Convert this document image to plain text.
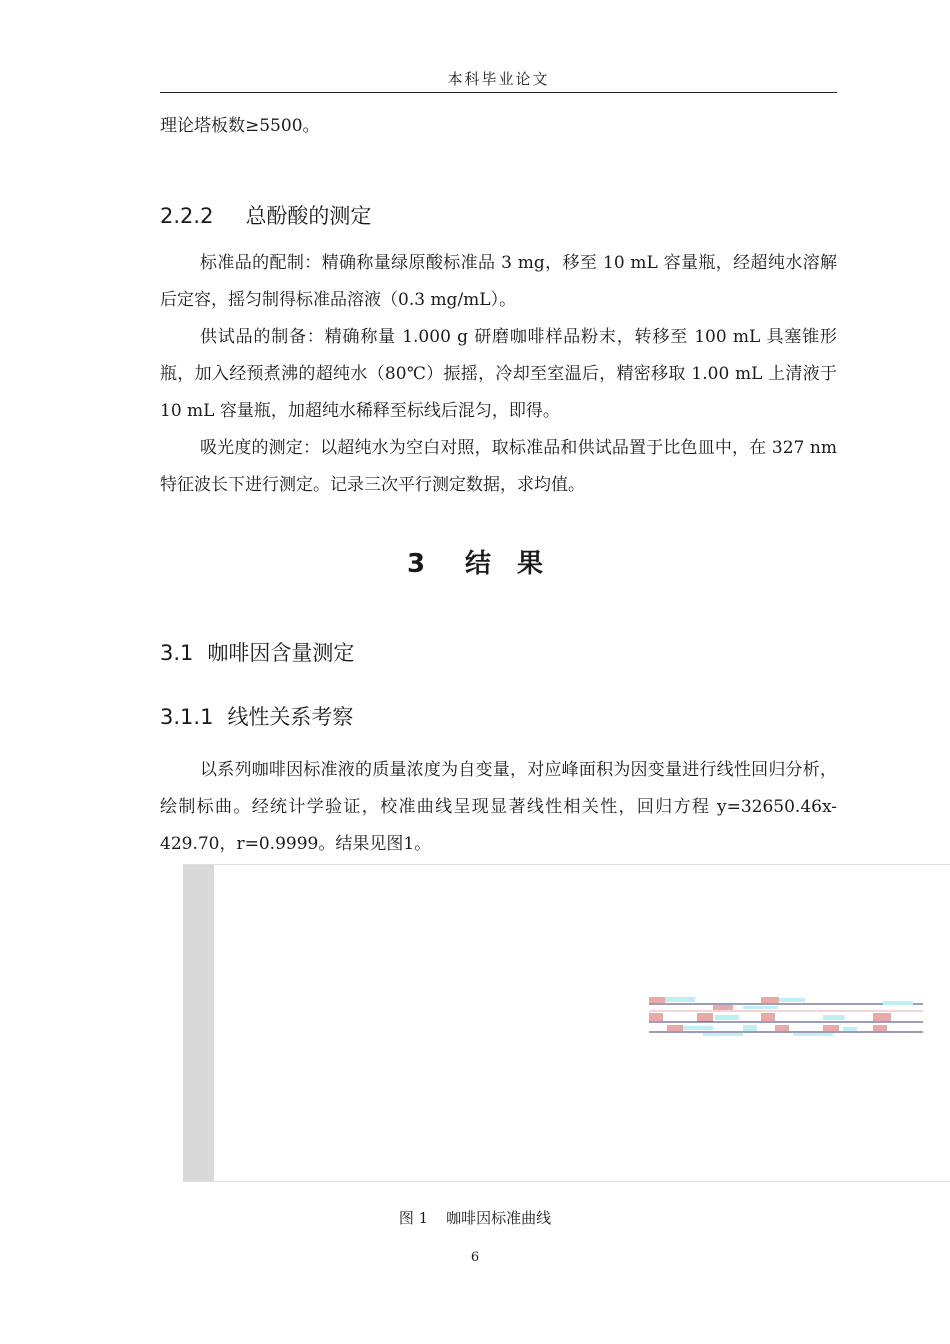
本科毕业论文
理论塔板数≥5500。
2.2.2 总酚酸的测定
标准品的配制：精确称量绿原酸标准品 3 mg，移至 10 mL 容量瓶，经超纯水溶解后定容，摇匀制得标准品溶液（0.3 mg/mL）。
供试品的制备：精确称量 1.000 g 研磨咖啡样品粉末，转移至 100 mL 具塞锥形瓶，加入经预煮沸的超纯水（80℃）振摇，冷却至室温后，精密移取 1.00 mL 上清液于 10 mL 容量瓶，加超纯水稀释至标线后混匀，即得。
吸光度的测定：以超纯水为空白对照，取标准品和供试品置于比色皿中，在 327 nm 特征波长下进行测定。记录三次平行测定数据，求均值。
3 结　果
3.1 咖啡因含量测定
3.1.1 线性关系考察
以系列咖啡因标准液的质量浓度为自变量，对应峰面积为因变量进行线性回归分析，绘制标曲。经统计学验证，校准曲线呈现显著线性相关性，回归方程 y=32650.46x-429.70，r=0.9999。结果见图1。
图 1 咖啡因标准曲线
6
